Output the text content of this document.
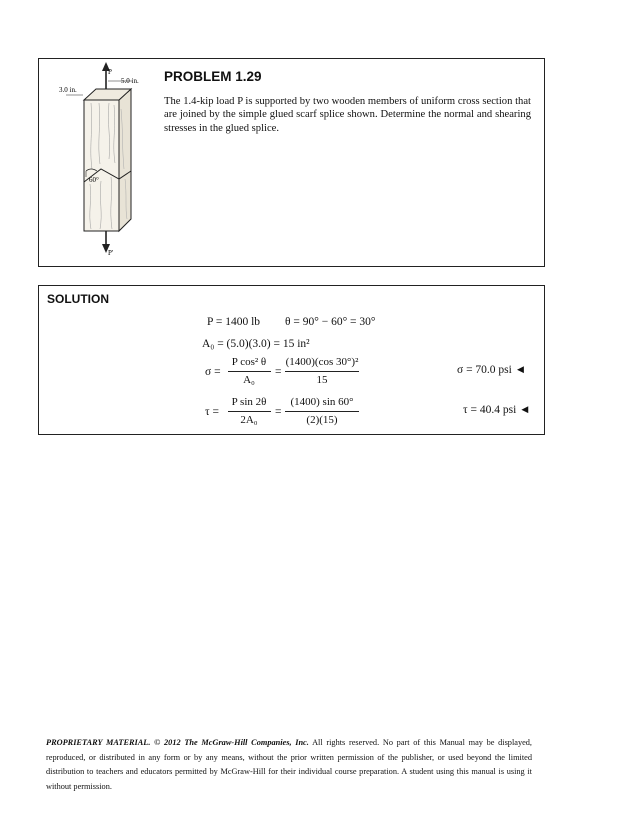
P
5.0 in.
3.0 in.
60°
P'
PROBLEM 1.29
The 1.4-kip load P is supported by two wooden members of uniform cross section that are joined by the simple glued scarf splice shown. Determine the normal and shearing stresses in the glued splice.
SOLUTION
P = 1400 lb θ = 90° − 60° = 30°
A₀ = (5.0)(3.0) = 15 in²
σ =
P cos² θ
A₀
=
(1400)(cos 30°)²
15
σ = 70.0 psi ◄
τ =
P sin 2θ
2A₀
=
(1400) sin 60°
(2)(15)
τ = 40.4 psi ◄
PROPRIETARY MATERIAL. © 2012 The McGraw-Hill Companies, Inc. All rights reserved. No part of this Manual may be displayed, reproduced, or distributed in any form or by any means, without the prior written permission of the publisher, or used beyond the limited distribution to teachers and educators permitted by McGraw-Hill for their individual course preparation. A student using this manual is using it without permission.
